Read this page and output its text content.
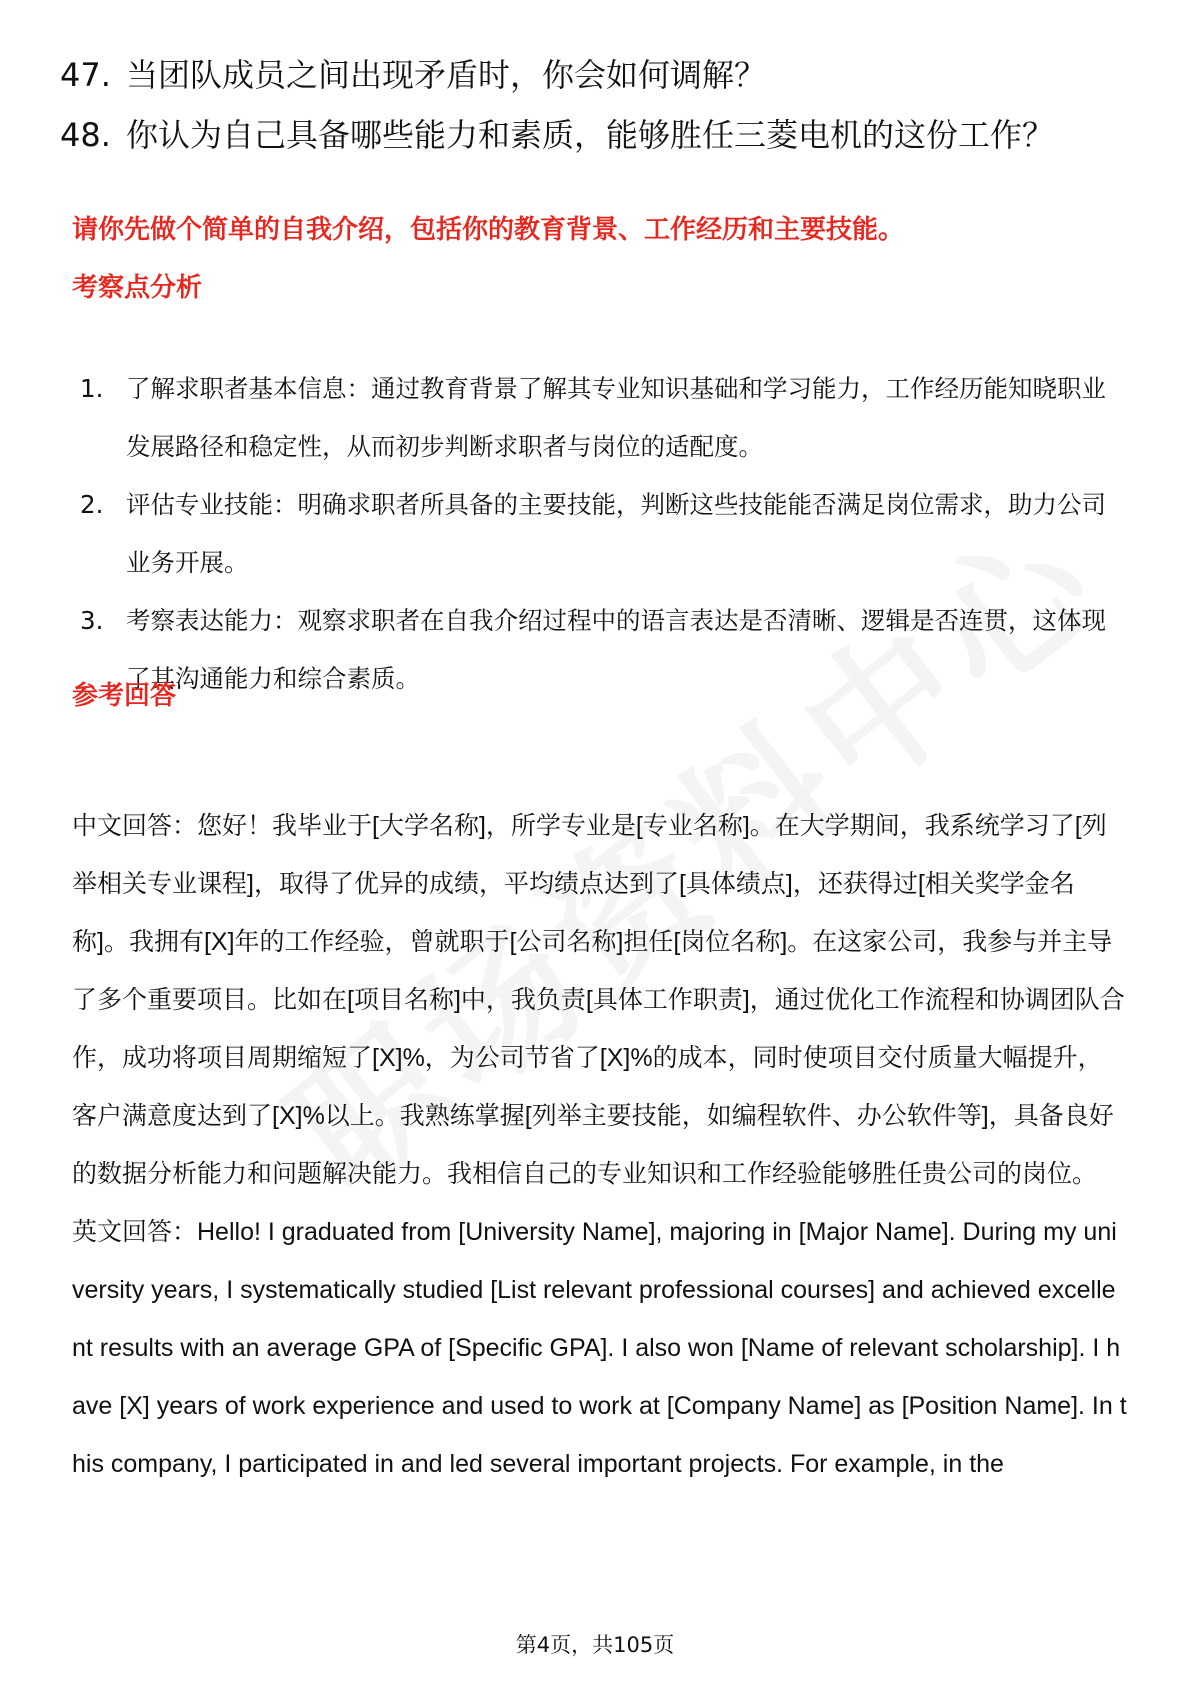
47. 当团队成员之间出现矛盾时，你会如何调解？
48. 你认为自己具备哪些能力和素质，能够胜任三菱电机的这份工作？
请你先做个简单的自我介绍，包括你的教育背景、工作经历和主要技能。
考察点分析
1. 了解求职者基本信息：通过教育背景了解其专业知识基础和学习能力，工作经历能知晓职业发展路径和稳定性，从而初步判断求职者与岗位的适配度。
2. 评估专业技能：明确求职者所具备的主要技能，判断这些技能能否满足岗位需求，助力公司业务开展。
3. 考察表达能力：观察求职者在自我介绍过程中的语言表达是否清晰、逻辑是否连贯，这体现了其沟通能力和综合素质。
参考回答
中文回答：您好！我毕业于[大学名称]，所学专业是[专业名称]。在大学期间，我系统学习了[列举相关专业课程]，取得了优异的成绩，平均绩点达到了[具体绩点]，还获得过[相关奖学金名称]。我拥有[X]年的工作经验，曾就职于[公司名称]担任[岗位名称]。在这家公司，我参与并主导了多个重要项目。比如在[项目名称]中，我负责[具体工作职责]，通过优化工作流程和协调团队合作，成功将项目周期缩短了[X]%，为公司节省了[X]%的成本，同时使项目交付质量大幅提升，客户满意度达到了[X]%以上。我熟练掌握[列举主要技能，如编程软件、办公软件等]，具备良好的数据分析能力和问题解决能力。我相信自己的专业知识和工作经验能够胜任贵公司的岗位。 英文回答：Hello! I graduated from [University Name], majoring in [Major Name]. During my university years, I systematically studied [List relevant professional courses] and achieved excellent results with an average GPA of [Specific GPA]. I also won [Name of relevant scholarship]. I have [X] years of work experience and used to work at [Company Name] as [Position Name]. In this company, I participated in and led several important projects. For example, in the
第4页，共105页
